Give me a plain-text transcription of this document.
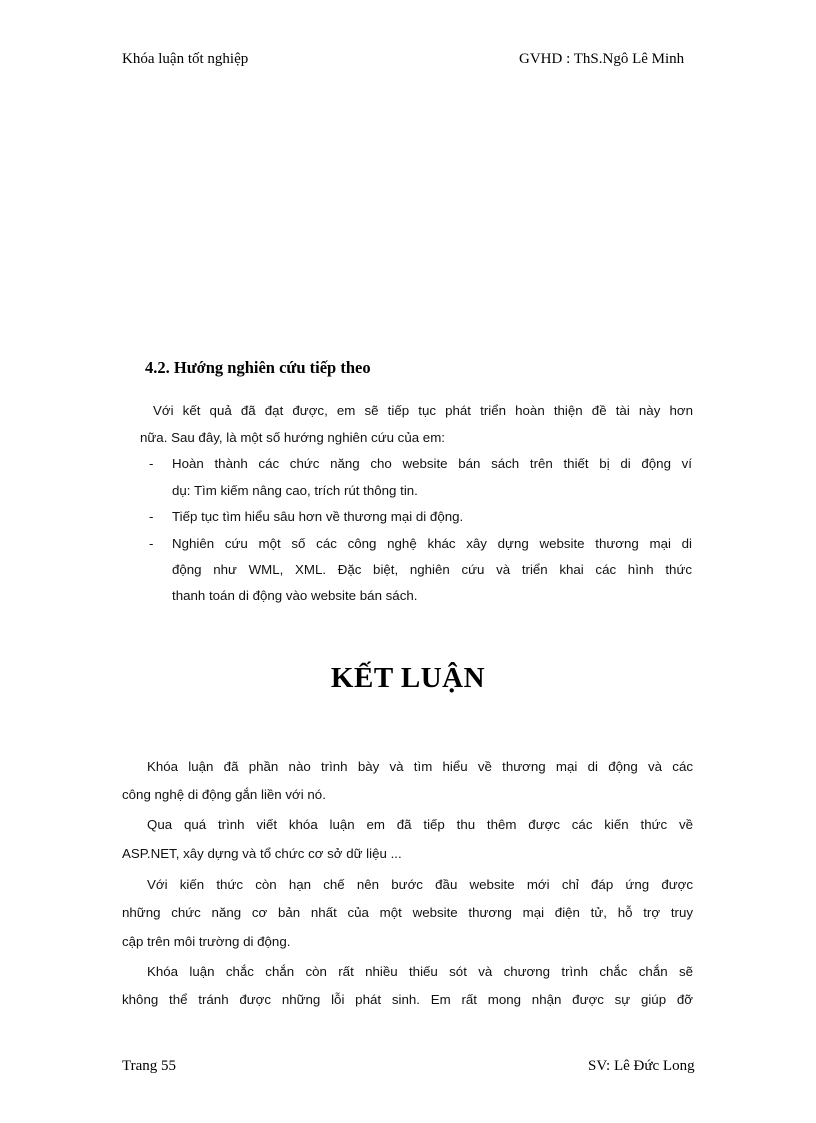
Khóa luận tốt nghiệp	GVHD : ThS.Ngô Lê Minh
4.2. Hướng nghiên cứu tiếp theo
Với kết quả đã đạt được, em sẽ tiếp tục phát triển hoàn thiện đề tài này hơn
nữa. Sau đây, là một số hướng nghiên cứu của em:
- Hoàn thành các chức năng cho website bán sách trên thiết bị di động ví
dụ: Tìm kiếm nâng cao, trích rút thông tin.
- Tiếp tục tìm hiểu sâu hơn về thương mại di động.
- Nghiên cứu một số các công nghệ khác xây dựng website thương mại di
động như WML, XML. Đặc biệt, nghiên cứu và triển khai các hình thức
thanh toán di động vào website bán sách.
KẾT LUẬN
Khóa luận đã phần nào trình bày và tìm hiểu về thương mại di động và các
công nghệ di động gắn liền với nó.
Qua quá trình viết khóa luận em đã tiếp thu thêm được các kiến thức về
ASP.NET, xây dựng và tổ chức cơ sở dữ liệu ...
Với kiến thức còn hạn chế nên bước đầu website mới chỉ đáp ứng được
những chức năng cơ bản nhất của một website thương mại điện tử, hỗ trợ truy
cập trên môi trường di động.
Khóa luận chắc chắn còn rất nhiều thiếu sót và chương trình chắc chắn sẽ
không thể tránh được những lỗi phát sinh. Em rất mong nhận được sự giúp đỡ
Trang 55	SV: Lê Đức Long
